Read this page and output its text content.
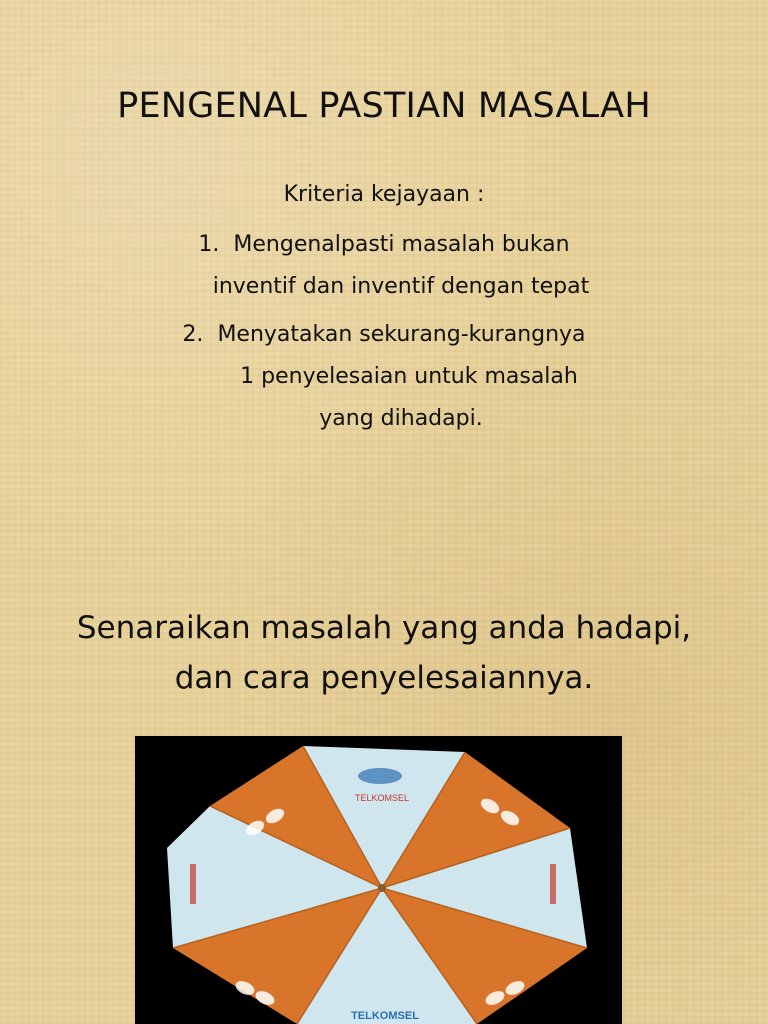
PENGENAL PASTIAN MASALAH
Kriteria kejayaan :
1. Mengenalpasti masalah bukan
inventif dan inventif dengan tepat
2. Menyatakan sekurang-kurangnya
1 penyelesaian untuk masalah
yang dihadapi.
Senaraikan masalah yang anda hadapi,
dan cara penyelesaiannya.
TELKOMSEL
TELKOMSEL
